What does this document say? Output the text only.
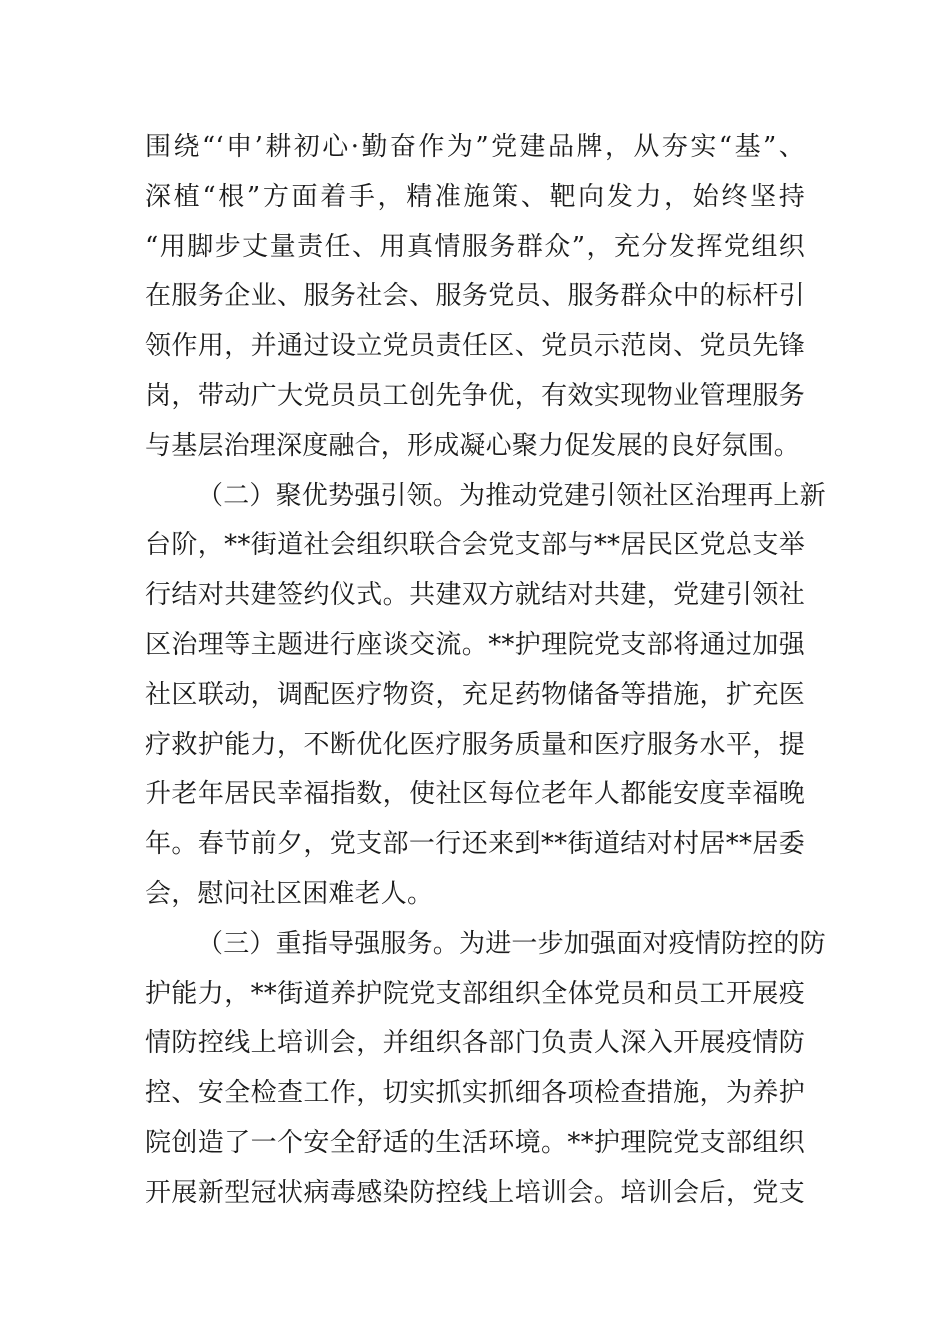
围绕“‘申’耕初心·勤奋作为”党建品牌，从夯实“基”、
深植“根”方面着手，精准施策、靶向发力，始终坚持
“用脚步丈量责任、用真情服务群众”，充分发挥党组织
在服务企业、服务社会、服务党员、服务群众中的标杆引
领作用，并通过设立党员责任区、党员示范岗、党员先锋
岗，带动广大党员员工创先争优，有效实现物业管理服务
与基层治理深度融合，形成凝心聚力促发展的良好氛围。
（二）聚优势强引领。为推动党建引领社区治理再上新
台阶，**街道社会组织联合会党支部与**居民区党总支举
行结对共建签约仪式。共建双方就结对共建，党建引领社
区治理等主题进行座谈交流。**护理院党支部将通过加强
社区联动，调配医疗物资，充足药物储备等措施，扩充医
疗救护能力，不断优化医疗服务质量和医疗服务水平，提
升老年居民幸福指数，使社区每位老年人都能安度幸福晚
年。春节前夕，党支部一行还来到**街道结对村居**居委
会，慰问社区困难老人。
（三）重指导强服务。为进一步加强面对疫情防控的防
护能力，**街道养护院党支部组织全体党员和员工开展疫
情防控线上培训会，并组织各部门负责人深入开展疫情防
控、安全检查工作，切实抓实抓细各项检查措施，为养护
院创造了一个安全舒适的生活环境。**护理院党支部组织
开展新型冠状病毒感染防控线上培训会。培训会后，党支
